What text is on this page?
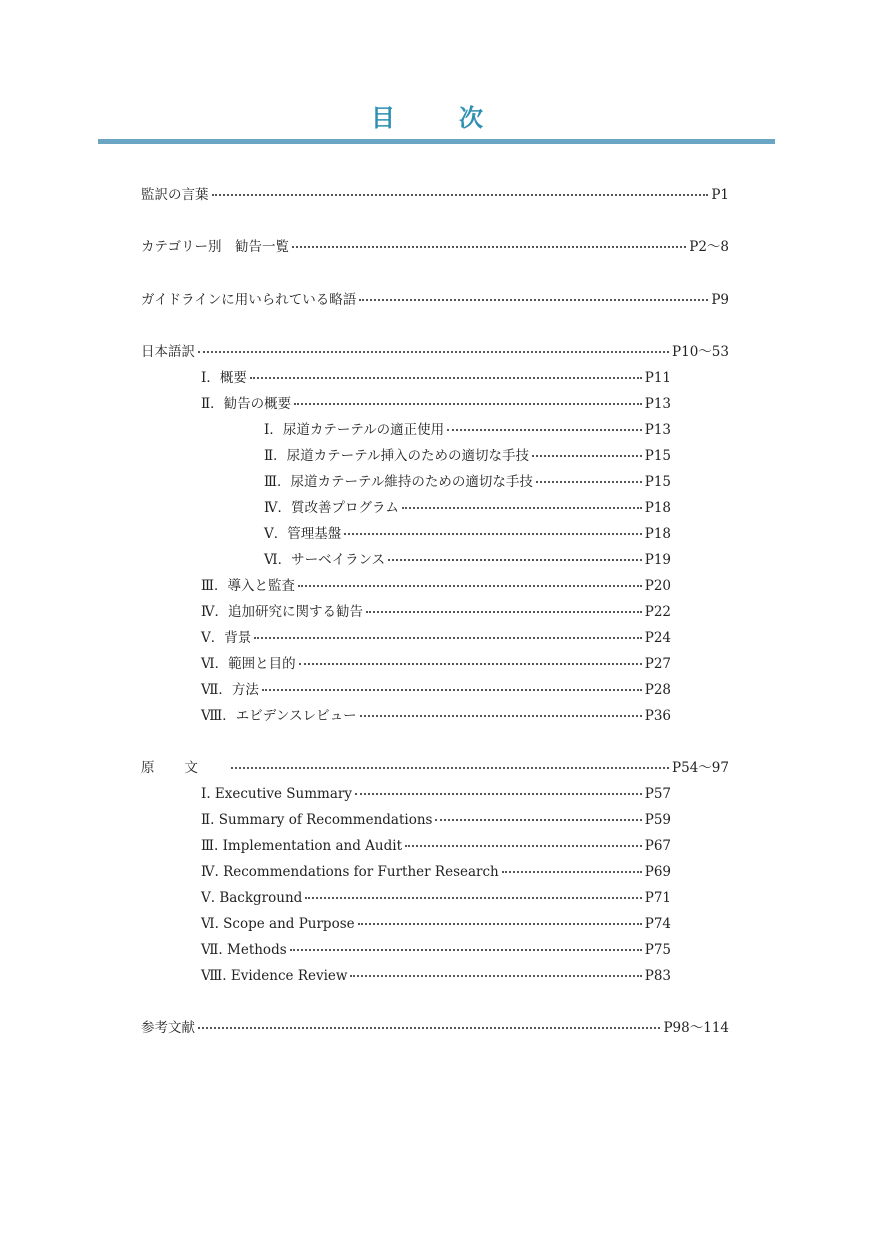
目　次
監訳の言葉	P1
カテゴリー別　勧告一覧	P2～8
ガイドラインに用いられている略語	P9
日本語訳	P10～53
Ⅰ．概要	P11
Ⅱ．勧告の概要	P13
Ⅰ．尿道カテーテルの適正使用	P13
Ⅱ．尿道カテーテル挿入のための適切な手技	P15
Ⅲ．尿道カテーテル維持のための適切な手技	P15
Ⅳ．質改善プログラム	P18
Ⅴ．管理基盤	P18
Ⅵ．サーベイランス	P19
Ⅲ．導入と監査	P20
Ⅳ．追加研究に関する勧告	P22
Ⅴ．背景	P24
Ⅵ．範囲と目的	P27
Ⅶ．方法	P28
Ⅷ．エビデンスレビュー	P36
原文	P54～97
Ⅰ. Executive Summary	P57
Ⅱ. Summary of Recommendations	P59
Ⅲ. Implementation and Audit	P67
Ⅳ. Recommendations for Further Research	P69
Ⅴ. Background	P71
Ⅵ. Scope and Purpose	P74
Ⅶ. Methods	P75
Ⅷ. Evidence Review	P83
参考文献	P98～114
